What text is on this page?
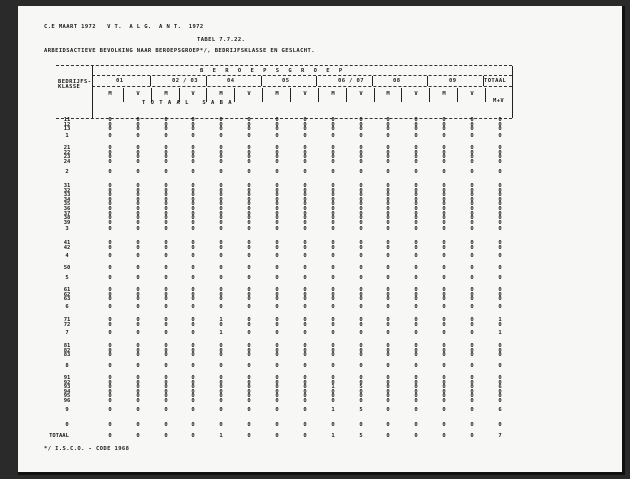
C.E MAART 1972   V T.  A L G.  A N T.  1972
TABEL 7.7.22.
ARBEIDSACTIEVE BEVOLKING NAAR BEROEPSGROEP*/, BEDRIJFSKLASSE EN GESLACHT.
BEDRIJFS-
KLASSE
B E R O E P S G R O E P
TOTAAL
M+V
01	02 / 03	04	05	06 / 07	08	09
M	V	M	V	M	V	M	V	M	V	M	V	M	V
T O T A A L   S A B A
11	0	0	0	0	0	0	0	0	0	0	0	0	0	0	0
12	0	0	0	0	0	0	0	0	0	0	0	0	0	0	0
13	0	0	0	0	0	0	0	0	0	0	0	0	0	0	0
1	0	0	0	0	0	0	0	0	0	0	0	0	0	0	0
21	0	0	0	0	0	0	0	0	0	0	0	0	0	0	0
22	0	0	0	0	0	0	0	0	0	0	0	0	0	0	0
23	0	0	0	0	0	0	0	0	0	0	0	0	0	0	0
24	0	0	0	0	0	0	0	0	0	0	0	0	0	0	0
2	0	0	0	0	0	0	0	0	0	0	0	0	0	0	0
31	0	0	0	0	0	0	0	0	0	0	0	0	0	0	0
32	0	0	0	0	0	0	0	0	0	0	0	0	0	0	0
33	0	0	0	0	0	0	0	0	0	0	0	0	0	0	0
34	0	0	0	0	0	0	0	0	0	0	0	0	0	0	0
35	0	0	0	0	0	0	0	0	0	0	0	0	0	0	0
36	0	0	0	0	0	0	0	0	0	0	0	0	0	0	0
37	0	0	0	0	0	0	0	0	0	0	0	0	0	0	0
38	0	0	0	0	0	0	0	0	0	0	0	0	0	0	0
39	0	0	0	0	0	0	0	0	0	0	0	0	0	0	0
3	0	0	0	0	0	0	0	0	0	0	0	0	0	0	0
41	0	0	0	0	0	0	0	0	0	0	0	0	0	0	0
42	0	0	0	0	0	0	0	0	0	0	0	0	0	0	0
4	0	0	0	0	0	0	0	0	0	0	0	0	0	0	0
50	0	0	0	0	0	0	0	0	0	0	0	0	0	0	0
5	0	0	0	0	0	0	0	0	0	0	0	0	0	0	0
61	0	0	0	0	0	0	0	0	0	0	0	0	0	0	0
62	0	0	0	0	0	0	0	0	0	0	0	0	0	0	0
63	0	0	0	0	0	0	0	0	0	0	0	0	0	0	0
6	0	0	0	0	0	0	0	0	0	0	0	0	0	0	0
71	0	0	0	0	1	0	0	0	0	0	0	0	0	0	1
72	0	0	0	0	0	0	0	0	0	0	0	0	0	0	0
7	0	0	0	0	1	0	0	0	0	0	0	0	0	0	1
81	0	0	0	0	0	0	0	0	0	0	0	0	0	0	0
82	0	0	0	0	0	0	0	0	0	0	0	0	0	0	0
83	0	0	0	0	0	0	0	0	0	0	0	0	0	0	0
8	0	0	0	0	0	0	0	0	0	0	0	0	0	0	0
91	0	0	0	0	0	0	0	0	0	0	0	0	0	0	0
92	0	0	0	0	0	0	0	0	0	0	0	0	0	0	0
93	0	0	0	0	0	0	0	0	1	5	0	0	0	0	6
94	0	0	0	0	0	0	0	0	0	0	0	0	0	0	0
95	0	0	0	0	0	0	0	0	0	0	0	0	0	0	0
96	0	0	0	0	0	0	0	0	0	0	0	0	0	0	0
9	0	0	0	0	0	0	0	0	1	5	0	0	0	0	6
0	0	0	0	0	0	0	0	0	0	0	0	0	0	0	0
TOTAAL	0	0	0	0	1	0	0	0	1	5	0	0	0	0	7
*/ I.S.C.O. - CODE 1968
